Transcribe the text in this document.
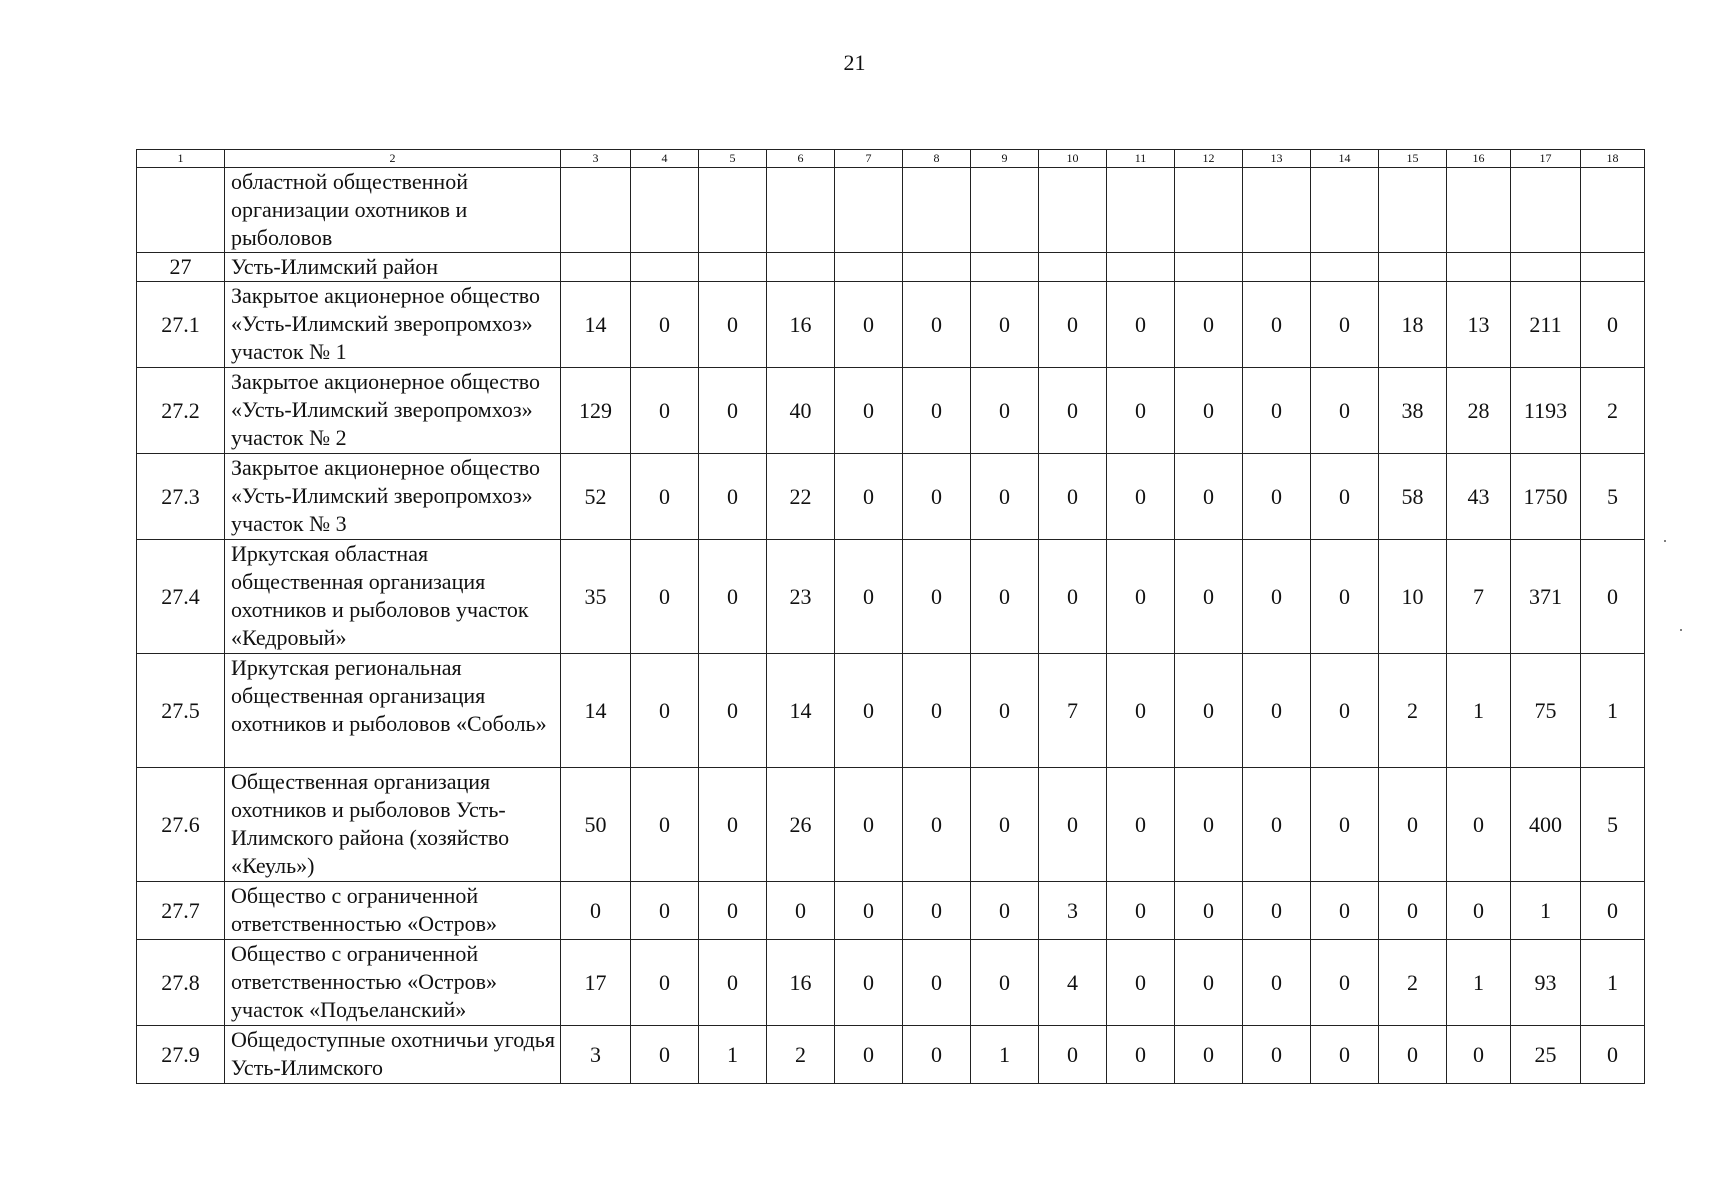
21
1	2	3	4	5	6	7	8	9	10	11	12	13	14	15	16	17	18
	областной общественной организации охотников и рыболовов																
27	Усть-Илимский район																
27.1	Закрытое акционерное общество «Усть-Илимский зверопромхоз» участок № 1	14	0	0	16	0	0	0	0	0	0	0	0	18	13	211	0
27.2	Закрытое акционерное общество «Усть-Илимский зверопромхоз» участок № 2	129	0	0	40	0	0	0	0	0	0	0	0	38	28	1193	2
27.3	Закрытое акционерное общество «Усть-Илимский зверопромхоз» участок № 3	52	0	0	22	0	0	0	0	0	0	0	0	58	43	1750	5
27.4	Иркутская областная общественная организация охотников и рыболовов участок «Кедровый»	35	0	0	23	0	0	0	0	0	0	0	0	10	7	371	0
27.5	Иркутская региональная общественная организация охотников и рыболовов «Соболь»	14	0	0	14	0	0	0	7	0	0	0	0	2	1	75	1
27.6	Общественная организация охотников и рыболовов Усть-Илимского района (хозяйство «Кеуль»)	50	0	0	26	0	0	0	0	0	0	0	0	0	0	400	5
27.7	Общество с ограниченной ответственностью «Остров»	0	0	0	0	0	0	0	3	0	0	0	0	0	0	1	0
27.8	Общество с ограниченной ответственностью «Остров» участок «Подъеланский»	17	0	0	16	0	0	0	4	0	0	0	0	2	1	93	1
27.9	Общедоступные охотничьи угодья Усть-Илимского	3	0	1	2	0	0	1	0	0	0	0	0	0	0	25	0
